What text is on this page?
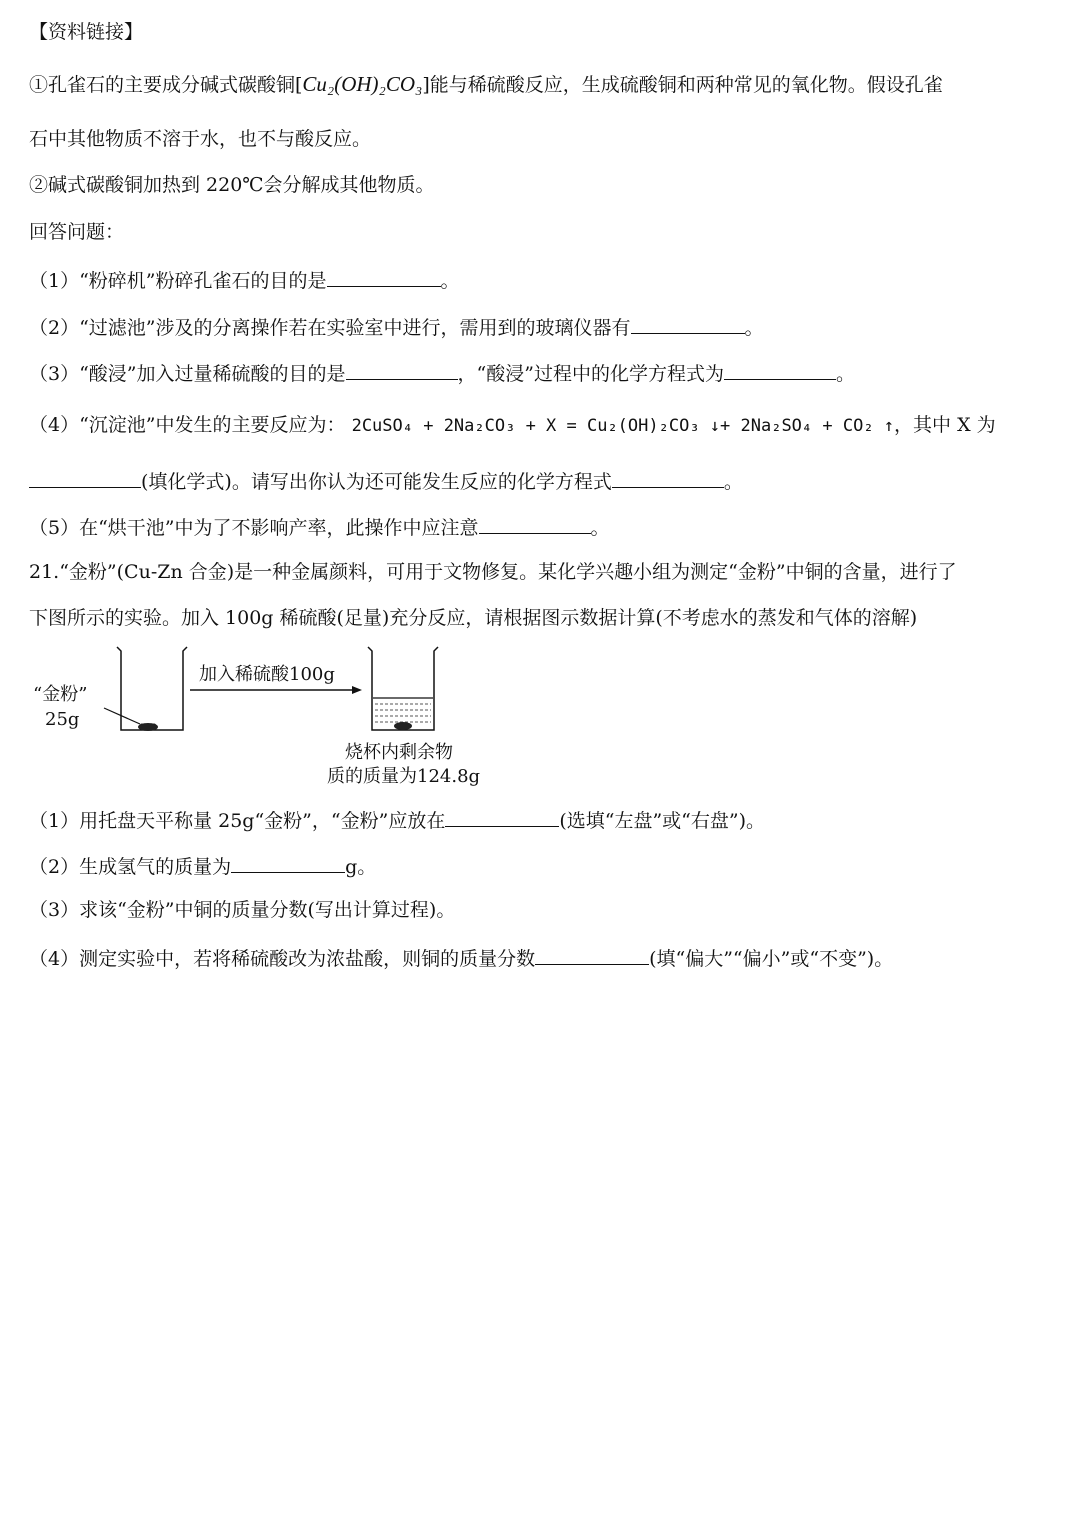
【资料链接】
①孔雀石的主要成分碱式碳酸铜[Cu₂(OH)₂CO₃]能与稀硫酸反应，生成硫酸铜和两种常见的氧化物。假设孔雀
石中其他物质不溶于水，也不与酸反应。
②碱式碳酸铜加热到 220℃会分解成其他物质。
回答问题：
（1）“粉碎机”粉碎孔雀石的目的是	。
（2）“过滤池”涉及的分离操作若在实验室中进行，需用到的玻璃仪器有	。
（3）“酸浸”加入过量稀硫酸的目的是	，“酸浸”过程中的化学方程式为	。
（4）“沉淀池”中发生的主要反应为： 2CuSO₄ + 2Na₂CO₃ + X = Cu₂(OH)₂CO₃ ↓+ 2Na₂SO₄ + CO₂ ↑，其中 X 为
(填化学式)。请写出你认为还可能发生反应的化学方程式	。
（5）在“烘干池”中为了不影响产率，此操作中应注意	。
21.“金粉”(Cu-Zn 合金)是一种金属颜料，可用于文物修复。某化学兴趣小组为测定“金粉”中铜的含量，进行了
下图所示的实验。加入 100g 稀硫酸(足量)充分反应，请根据图示数据计算(不考虑水的蒸发和气体的溶解)
“金粉”
25g
加入稀硫酸100g
烧杯内剩余物
质的质量为124.8g
（1）用托盘天平称量 25g“金粉”，“金粉”应放在	(选填“左盘”或“右盘”)。
（2）生成氢气的质量为	g。
（3）求该“金粉”中铜的质量分数(写出计算过程)。
（4）测定实验中，若将稀硫酸改为浓盐酸，则铜的质量分数	(填“偏大”“偏小”或“不变”)。
